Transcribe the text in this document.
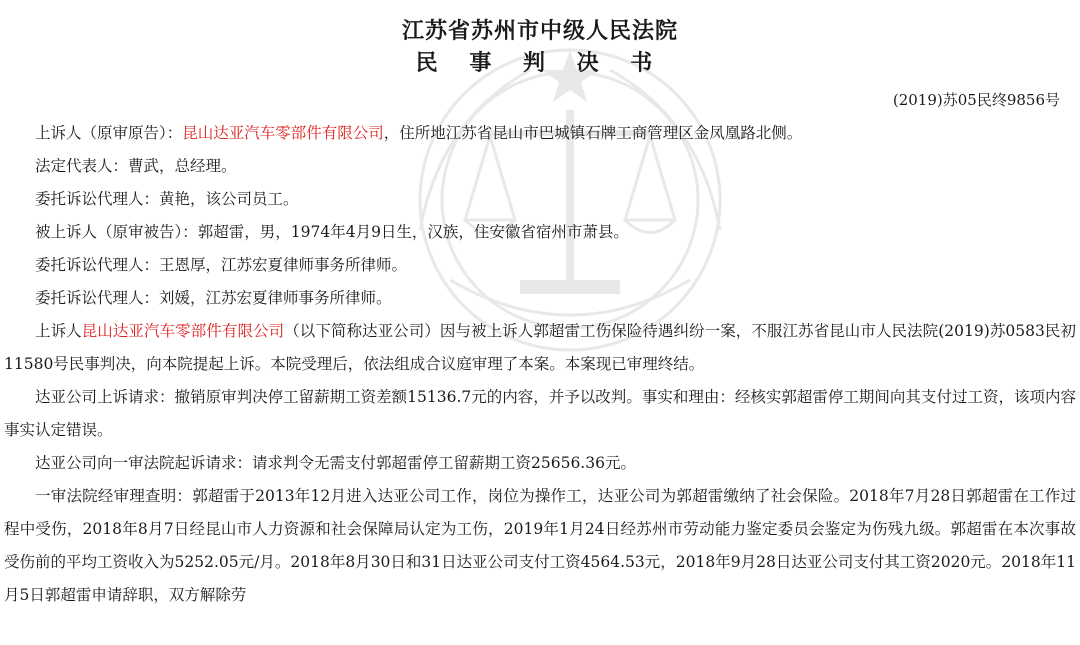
江苏省苏州市中级人民法院
民 事 判 决 书
(2019)苏05民终9856号

上诉人（原审原告）：昆山达亚汽车零部件有限公司，住所地江苏省昆山市巴城镇石牌工商管理区金凤凰路北侧。

法定代表人：曹武，总经理。

委托诉讼代理人：黄艳，该公司员工。

被上诉人（原审被告）：郭超雷，男，1974年4月9日生，汉族，住安徽省宿州市萧县。

委托诉讼代理人：王恩厚，江苏宏夏律师事务所律师。

委托诉讼代理人：刘媛，江苏宏夏律师事务所律师。

上诉人昆山达亚汽车零部件有限公司（以下简称达亚公司）因与被上诉人郭超雷工伤保险待遇纠纷一案，不服江苏省昆山市人民法院(2019)苏0583民初11580号民事判决，向本院提起上诉。本院受理后，依法组成合议庭审理了本案。本案现已审理终结。

达亚公司上诉请求：撤销原审判决停工留薪期工资差额15136.7元的内容，并予以改判。事实和理由：经核实郭超雷停工期间向其支付过工资，该项内容事实认定错误。

达亚公司向一审法院起诉请求：请求判令无需支付郭超雷停工留薪期工资25656.36元。

一审法院经审理查明：郭超雷于2013年12月进入达亚公司工作，岗位为操作工，达亚公司为郭超雷缴纳了社会保险。2018年7月28日郭超雷在工作过程中受伤，2018年8月7日经昆山市人力资源和社会保障局认定为工伤，2019年1月24日经苏州市劳动能力鉴定委员会鉴定为伤残九级。郭超雷在本次事故受伤前的平均工资收入为5252.05元/月。2018年8月30日和31日达亚公司支付工资4564.53元，2018年9月28日达亚公司支付其工资2020元。2018年11月5日郭超雷申请辞职，双方解除劳
